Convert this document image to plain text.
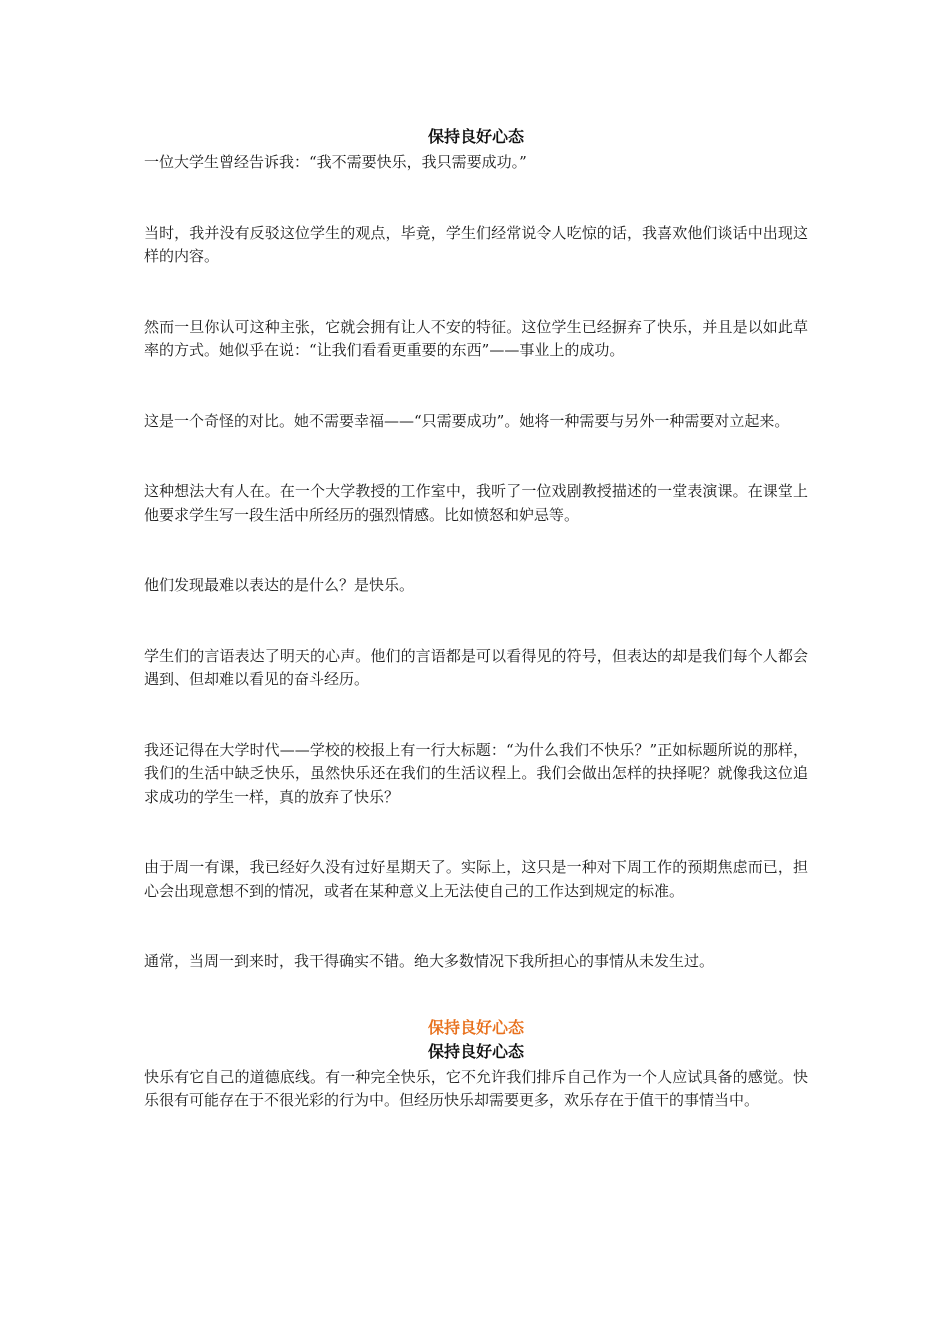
保持良好心态

一位大学生曾经告诉我：“我不需要快乐，我只需要成功。”

当时，我并没有反驳这位学生的观点，毕竟，学生们经常说令人吃惊的话，我喜欢他们谈话中出现这样的内容。

然而一旦你认可这种主张，它就会拥有让人不安的特征。这位学生已经摒弃了快乐，并且是以如此草率的方式。她似乎在说：“让我们看看更重要的东西”——事业上的成功。

这是一个奇怪的对比。她不需要幸福——“只需要成功”。她将一种需要与另外一种需要对立起来。

这种想法大有人在。在一个大学教授的工作室中，我听了一位戏剧教授描述的一堂表演课。在课堂上他要求学生写一段生活中所经历的强烈情感。比如愤怒和妒忌等。

他们发现最难以表达的是什么？是快乐。

学生们的言语表达了明天的心声。他们的言语都是可以看得见的符号，但表达的却是我们每个人都会遇到、但却难以看见的奋斗经历。

我还记得在大学时代——学校的校报上有一行大标题：“为什么我们不快乐？”正如标题所说的那样，我们的生活中缺乏快乐，虽然快乐还在我们的生活议程上。我们会做出怎样的抉择呢？就像我这位追求成功的学生一样，真的放弃了快乐？

由于周一有课，我已经好久没有过好星期天了。实际上，这只是一种对下周工作的预期焦虑而已，担心会出现意想不到的情况，或者在某种意义上无法使自己的工作达到规定的标准。

通常，当周一到来时，我干得确实不错。绝大多数情况下我所担心的事情从未发生过。

保持良好心态
保持良好心态

快乐有它自己的道德底线。有一种完全快乐，它不允许我们排斥自己作为一个人应试具备的感觉。快乐很有可能存在于不很光彩的行为中。但经历快乐却需要更多，欢乐存在于值干的事情当中。
